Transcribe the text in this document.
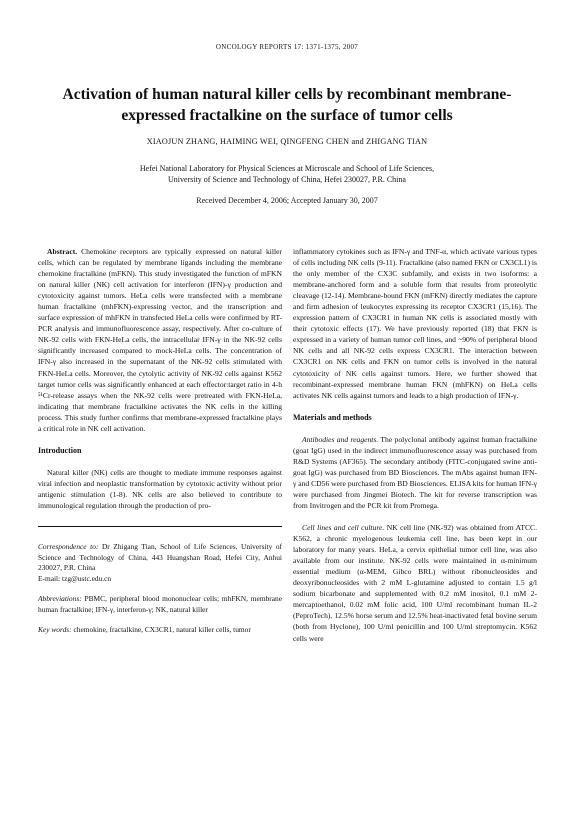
ONCOLOGY REPORTS 17: 1371-1375, 2007
Activation of human natural killer cells by recombinant membrane-expressed fractalkine on the surface of tumor cells
XIAOJUN ZHANG, HAIMING WEI, QINGFENG CHEN and ZHIGANG TIAN
Hefei National Laboratory for Physical Sciences at Microscale and School of Life Sciences,
University of Science and Technology of China, Hefei 230027, P.R. China
Received December 4, 2006; Accepted January 30, 2007

Abstract. Chemokine receptors are typically expressed on natural killer cells, which can be regulated by membrane ligands including the membrane chemokine fractalkine (mFKN). This study investigated the function of mFKN on natural killer (NK) cell activation for interferon (IFN)-γ production and cytotoxicity against tumors. HeLa cells were transfected with a membrane human fractalkine (mhFKN)-expressing vector, and the transcription and surface expression of mhFKN in transfected HeLa cells were confirmed by RT-PCR analysis and immunofluorescence assay, respectively. After co-culture of NK-92 cells with FKN-HeLa cells, the intracellular IFN-γ in the NK-92 cells significantly increased compared to mock-HeLa cells. The concentration of IFN-γ also increased in the supernatant of the NK-92 cells stimulated with FKN-HeLa cells. Moreover, the cytolytic activity of NK-92 cells against K562 target tumor cells was significantly enhanced at each effector:target ratio in 4-h ⁵¹Cr-release assays when the NK-92 cells were pretreated with FKN-HeLa, indicating that membrane fractalkine activates the NK cells in the killing process. This study further confirms that membrane-expressed fractalkine plays a critical role in NK cell activation.

Introduction

Natural killer (NK) cells are thought to mediate immune responses against viral infection and neoplastic transformation by cytotoxic activity without prior antigenic stimulation (1-8). NK cells are also believed to contribute to immunological regulation through the production of pro-

Correspondence to: Dr Zhigang Tian, School of Life Sciences, University of Science and Technology of China, 443 Huangshan Road, Hefei City, Anhui 230027, P.R. China
E-mail: tzg@ustc.edu.cn

Abbreviations: PBMC, peripheral blood mononuclear cells; mhFKN, membrane human fractalkine; IFN-γ, interferon-γ; NK, natural killer

Key words: chemokine, fractalkine, CX3CR1, natural killer cells, tumor

inflammatory cytokines such as IFN-γ and TNF-α, which activate various types of cells including NK cells (9-11). Fractalkine (also named FKN or CX3CL1) is the only member of the CX3C subfamily, and exists in two isoforms: a membrane-anchored form and a soluble form that results from proteolytic cleavage (12-14). Membrane-bound FKN (mFKN) directly mediates the capture and firm adhesion of leukocytes expressing its receptor CX3CR1 (15,16). The expression pattern of CX3CR1 in human NK cells is associated mostly with their cytotoxic effects (17). We have previously reported (18) that FKN is expressed in a variety of human tumor cell lines, and ~90% of peripheral blood NK cells and all NK-92 cells express CX3CR1. The interaction between CX3CR1 on NK cells and FKN on tumor cells is involved in the natural cytotoxicity of NK cells against tumors. Here, we further showed that recombinant-expressed membrane human FKN (mhFKN) on HeLa cells activates NK cells against tumors and leads to a high production of IFN-γ.

Materials and methods

Antibodies and reagents. The polyclonal antibody against human fractalkine (goat IgG) used in the indirect immunofluorescence assay was purchased from R&D Systems (AF365). The secondary antibody (FITC-conjugated swine anti-goat IgG) was purchased from BD Biosciences. The mAbs against human IFN-γ and CD56 were purchased from BD Biosciences. ELISA kits for human IFN-γ were purchased from Jingmei Biotech. The kit for reverse transcription was from Invitrogen and the PCR kit from Promega.

Cell lines and cell culture. NK cell line (NK-92) was obtained from ATCC. K562, a chronic myelogenous leukemia cell line, has been kept in our laboratory for many years. HeLa, a cervix epithelial tumor cell line, was also available from our institute. NK-92 cells were maintained in α-minimum essential medium (α-MEM, Gibco BRL) without ribonucleosides and deoxyribonucleosides with 2 mM L-glutamine adjusted to contain 1.5 g/l sodium bicarbonate and supplemented with 0.2 mM inositol, 0.1 mM 2-mercaptoethanol, 0.02 mM folic acid, 100 U/ml recombinant human IL-2 (PeproTech), 12.5% horse serum and 12.5% heat-inactivated fetal bovine serum (both from Hyclone), 100 U/ml penicillin and 100 U/ml streptomycin. K562 cells were
